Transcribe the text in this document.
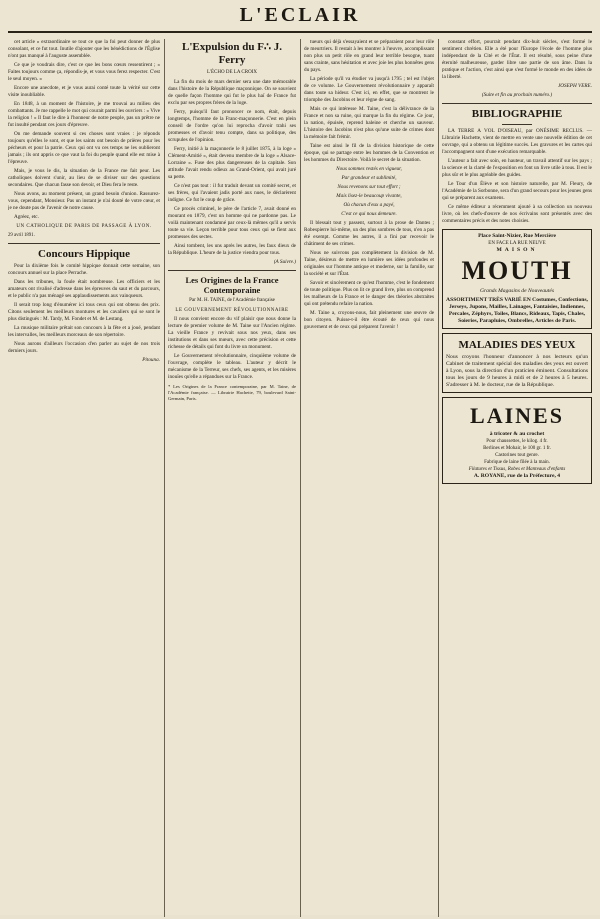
L'ECLAIR

cet article « extraordinaire se tout ce que la foi peut donner de plus consolant, et ce fut tout. Inutile d'ajouter que les bénédictions de l'Église n'ont pas manqué à l'auguste assemblée.

Ce que je voudrais dire, c'est ce que les bons cœurs ressentirent ; « Faites toujours comme ça, répondis-je, et vous vous ferez respecter. C'est le seul moyen. »

Encore une anecdote, et je vous aurai conté toute la vérité sur cette visite inoubliable.

En 1848, à un moment de l'histoire, je me trouvai au milieu des combattants. Je me rappelle le mot qui courait parmi les ouvriers : « Vive la religion ! » Il faut le dire à l'honneur de notre peuple, pas un prêtre ne fut insulté pendant ces jours d'épreuve.

On me demande souvent si ces choses sont vraies : je réponds toujours qu'elles le sont, et que les saints ont besoin de prières pour les pécheurs et pour la patrie. Ceux qui ont vu ces temps ne les oublieront jamais ; ils ont appris ce que vaut la foi du peuple quand elle est mise à l'épreuve.

Mais, je vous le dis, la situation de la France me fait peur. Les catholiques doivent s'unir, au lieu de se diviser sur des questions secondaires. Que chacun fasse son devoir, et Dieu fera le reste.

Nous avons, au moment présent, un grand besoin d'union. Rassurez-vous, cependant, Monsieur. Pas un instant je n'ai douté de votre cœur, et je ne doute pas de l'avenir de notre cause.

Agréez, etc.

UN CATHOLIQUE DE PARIS DE PASSAGE À LYON.
29 avril 1891.
Concours Hippique

Pour la dixième fois le comité hippique donnait cette semaine, son concours annuel sur la place Perrache.

Dans les tribunes, la foule était nombreuse. Les officiers et les amateurs ont rivalisé d'adresse dans les épreuves du saut et du parcours, et le public n'a pas ménagé ses applaudissements aux vainqueurs.

Il serait trop long d'énumérer ici tous ceux qui ont obtenu des prix. Citons seulement les meilleurs montures et les cavaliers qui se sont le plus distingués : M. Tardy, M. Fondet et M. de Lestang.

La musique militaire prêtait son concours à la fête et a joué, pendant les intervalles, les meilleurs morceaux de son répertoire.

Nous aurons d'ailleurs l'occasion d'en parler au sujet de nos trois derniers jours.

Pitouna.
L'Expulsion du F∴ J. Ferry
L'ÉCHO DE LA CROIX

La fin du mois de mars dernier sera une date mémorable dans l'histoire de la République maçonnique. On se souvient de quelle façon l'homme qui fut le plus haï de France fut exclu par ses propres frères de la loge.

Ferry, puisqu'il faut prononcer ce nom, était, depuis longtemps, l'homme de la Franc-maçonnerie. C'est en plein conseil de l'ordre qu'on lui reprocha d'avoir trahi ses promesses et d'avoir tenu compte, dans sa politique, des scrupules de l'opinion.

Ferry, initié à la maçonnerie le 8 juillet 1875, à la loge « Clément-Amitié », était devenu membre de la loge « Alsace-Lorraine ». Fuse des plus dangereuses de la capitale. Son attitude l'avait rendu odieux au Grand-Orient, qui avait juré sa perte.

Ce n'est pas tout : il fut traduit devant un comité secret, et ses frères, qui l'avaient jadis porté aux nues, le déclarèrent indigne. Ce fut le coup de grâce.

Ce procès criminel, le père de l'article 7, avait donné en mourant en 1879, c'est un homme qui ne pardonne pas. Le voilà maintenant condamné par ceux-là mêmes qu'il a servis toute sa vie. Leçon terrible pour tous ceux qui se fient aux promesses des sectes.

Ainsi tombent, les uns après les autres, les faux dieux de la République. L'heure de la justice viendra pour tous.

(A Suivre.)
Les Origines de la France Contemporaine
Par M. H. TAINE, de l'Académie française
LE GOUVERNEMENT RÉVOLUTIONNAIRE

Il nous convient encore du vif plaisir que nous donne la lecture de premier volume de M. Taine sur l'Ancien régime. La vieille France y revivait sous nos yeux, dans ses institutions et dans ses mœurs, avec cette précision et cette richesse de détails qui font du livre un monument.

Le Gouvernement révolutionnaire, cinquième volume de l'ouvrage, complète le tableau. L'auteur y décrit le mécanisme de la Terreur, ses chefs, ses agents, et les misères inouïes qu'elle a répandues sur la France.

* Les Origines de la France contemporaine, par M. Taine, de l'Académie française. — Librairie Hachette, 79, boulevard Saint-Germain, Paris.

tueurs qui déjà s'essayaient et se préparaient pour leur rôle de meurtriers. Il restait à les montrer à l'œuvre, accomplissant non plus un petit rôle en grand leur terrible besogne, tuant sans crainte, sans hésitation et avec joie les plus honnêtes gens du pays.

La période qu'il va étudier va jusqu'à 1795 ; tel est l'objet de ce volume. Le Gouvernement révolutionnaire y apparaît dans toute sa hideur. C'est ici, en effet, que se montrent le triomphe des Jacobins et leur règne de sang.

Mais ce qui intéresse M. Taine, c'est la délivrance de la France et non sa ruine, qui marque la fin du régime. Ce jour, la nation, épuisée, reprend haleine et cherche un sauveur. L'histoire des Jacobins n'est plus qu'une suite de crimes dont la mémoire fait frémir.

Taine est ainsi le fil de la division historique de cette époque, qui se partage entre les hommes de la Convention et les hommes du Directoire. Voilà le secret de la situation.

Nous sommes restés en vigueur,
Par grandeur et sublimité,
Nous revenons sur tout effort ;
Mais lisez-le beaucoup vivante,
Où chacun d'eux a payé,
C'est ce qui nous demeure.

Il blessait tout y passent, surtout à la prose de Dantes ; Robespierre lui-même, un des plus sombres de tous, n'en a pas été exempt. Comme les autres, il a fini par recevoir le châtiment de ses crimes.

Nous ne suivrons pas complètement la division de M. Taine, désireux de mettre en lumière ses idées profondes et originales sur l'homme antique et moderne, sur la famille, sur la société et sur l'État.

Savoir et sincèrement ce qu'est l'homme, c'est le fondement de toute politique. Plus on lit ce grand livre, plus on comprend les malheurs de la France et le danger des théories abstraites qui ont prétendu refaire la nation.

M. Taine a, croyons-nous, fait pleinement une œuvre de bon citoyen. Puisse-t-il être écouté de ceux qui nous gouvernent et de ceux qui préparent l'avenir !

constant effort, pourrait pendant dix-huit siècles, s'est formé le sentiment chrétien. Elle a été pour l'Europe l'école de l'homme plus indépendant de la Cité et de l'État. Il est résulté, sous peine d'une éternité malheureuse, garder libre une partie de son âme. Dans la pratique et l'action, c'est ainsi que s'est formé le monde en des idées de la liberté.

JOSEPH VERE.
(Suite et fin au prochain numéro.)
BIBLIOGRAPHIE

LA TERRE A VOL D'OISEAU, par ONÉSIME RECLUS. — Librairie Hachette, vient de mettre en vente une nouvelle édition de cet ouvrage, qui a obtenu un légitime succès. Les gravures et les cartes qui l'accompagnent sont d'une exécution remarquable.

L'auteur a fait avec soin, en hauteur, un travail attentif sur les pays ; la science et la clarté de l'exposition en font un livre utile à tous. Il est le plus sûr et le plus agréable des guides.

Le Tour d'un Élève et son histoire naturelle, par M. Fleury, de l'Académie de la Sorbonne, sera d'un grand secours pour les jeunes gens qui se préparent aux examens.

Ce même éditeur a récemment ajouté à sa collection un nouveau livre, où les chefs-d'œuvre de nos écrivains sont présentés avec des commentaires précis et des notes choisies.

Place Saint-Nizier, Rue Mercière
EN FACE LA RUE NEUVE
MAISON
MOUTH
Grands Magasins de Nouveautés
ASSORTIMENT TRÈS VARIÉ EN Costumes, Confections, Jerseys, Jupons, Mailles, Lainages, Fantaisies, Indiennes, Percales, Zéphyrs, Toiles, Blancs, Rideaux, Tapis, Chales, Soieries, Parapluies, Ombrelles, Articles de Paris.
MALADIES DES YEUX
Nous croyons l'honneur d'annoncer à nos lecteurs qu'un Cabinet de traitement spécial des maladies des yeux est ouvert à Lyon, sous la direction d'un praticien éminent. Consultations tous les jours de 9 heures à midi et de 2 heures à 5 heures. S'adresser à M. le docteur, rue de la République.
LAINES
à tricoter & au crochet
Pour chaussettes, le kilog. 4 fr.
Berlines et Mohair, le 100 gr. 1 fr.
Castorines tout genre.
Fabrique de laine filée à la main.
Filatures et Tissus, Robes et Manteaux d'enfants
A. ROYANE, rue de la Préfecture, 4
